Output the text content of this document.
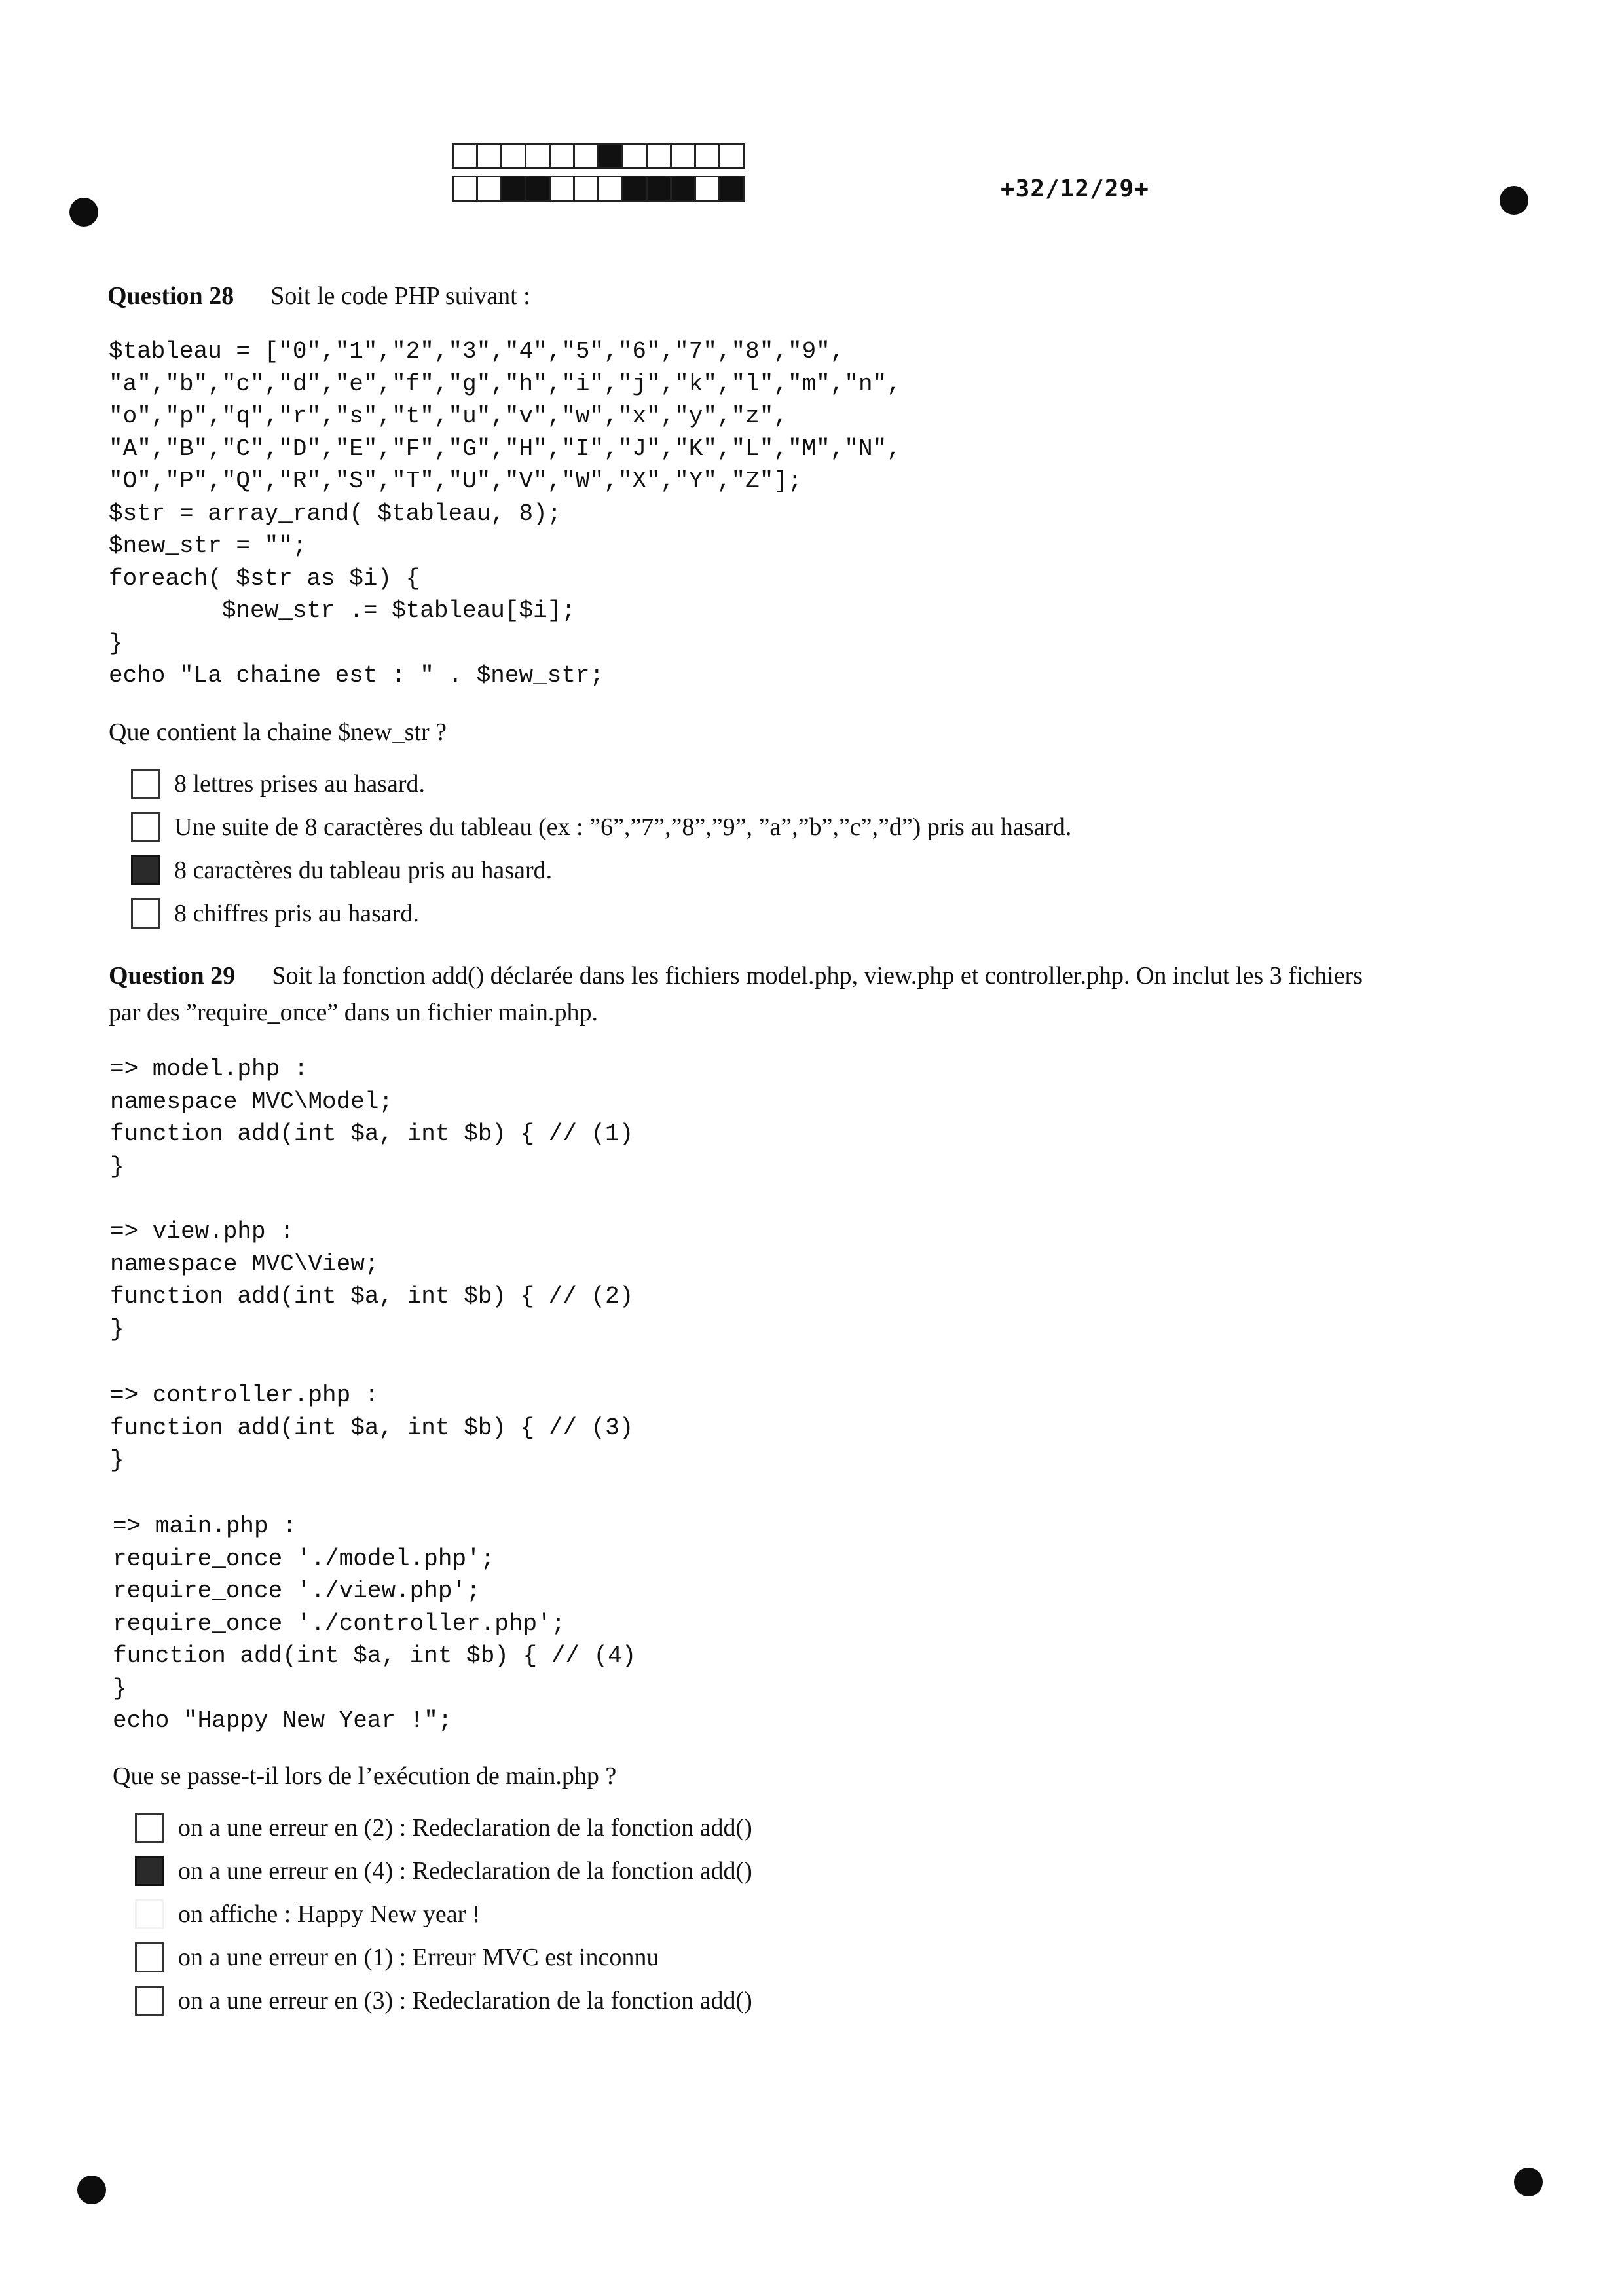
+32/12/29+
Question 28 Soit le code PHP suivant :
$tableau = ["0","1","2","3","4","5","6","7","8","9",
"a","b","c","d","e","f","g","h","i","j","k","l","m","n",
"o","p","q","r","s","t","u","v","w","x","y","z",
"A","B","C","D","E","F","G","H","I","J","K","L","M","N",
"O","P","Q","R","S","T","U","V","W","X","Y","Z"];
$str = array_rand( $tableau, 8);
$new_str = "";
foreach( $str as $i) {
$new_str .= $tableau[$i];
}
echo "La chaine est : " . $new_str;
Que contient la chaine $new_str ?
8 lettres prises au hasard.
Une suite de 8 caractères du tableau (ex : ”6”,”7”,”8”,”9”, ”a”,”b”,”c”,”d”) pris au hasard.
8 caractères du tableau pris au hasard.
8 chiffres pris au hasard.
Question 29 Soit la fonction add() déclarée dans les fichiers model.php, view.php et controller.php. On inclut les 3 fichiers
par des ”require_once” dans un fichier main.php.
=> model.php :
namespace MVC\Model;
function add(int $a, int $b) { // (1)
}
=> view.php :
namespace MVC\View;
function add(int $a, int $b) { // (2)
}
=> controller.php :
function add(int $a, int $b) { // (3)
}
=> main.php :
require_once './model.php';
require_once './view.php';
require_once './controller.php';
function add(int $a, int $b) { // (4)
}
echo "Happy New Year !";
Que se passe-t-il lors de l’exécution de main.php ?
on a une erreur en (2) : Redeclaration de la fonction add()
on a une erreur en (4) : Redeclaration de la fonction add()
on affiche : Happy New year !
on a une erreur en (1) : Erreur MVC est inconnu
on a une erreur en (3) : Redeclaration de la fonction add()
